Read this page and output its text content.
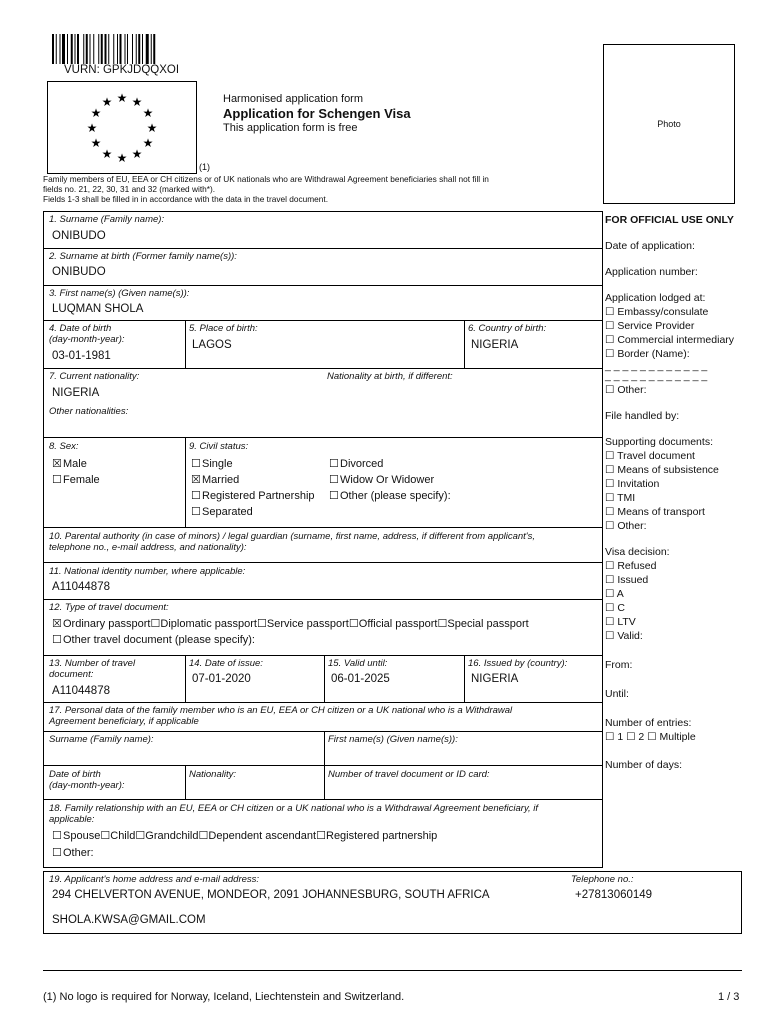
VURN: GPKJDQQXOI
★ ★
★
★
★
★
★
★
★
★
★
★
(1)
Harmonised application form
Application for Schengen Visa
This application form is free	Photo
Family members of EU, EEA or CH citizens or of UK nationals who are Withdrawal Agreement beneficiaries shall not fill in
fields no. 21, 22, 30, 31 and 32 (marked with*).
Fields 1-3 shall be filled in in accordance with the data in the travel document.
1. Surname (Family name):
ONIBUDO
2. Surname at birth (Former family name(s)):
ONIBUDO
3. First name(s) (Given name(s)):
LUQMAN SHOLA
4. Date of birth
(day-month-year):
03-01-1981
5. Place of birth:
LAGOS
6. Country of birth:
NIGERIA
7. Current nationality:
NIGERIA
Nationality at birth, if different:
Other nationalities:
8. Sex:
☒Male
☐Female
9. Civil status:
☐Single
☒Married
☐Registered Partnership
☐Separated
☐Divorced
☐Widow Or Widower
☐Other (please specify):
10. Parental authority (in case of minors) / legal guardian (surname, first name, address, if different from applicant's,
telephone no., e-mail address, and nationality):
11. National identity number, where applicable:
A11044878
12. Type of travel document:
☒Ordinary passport ☐Diplomatic passport ☐Service passport ☐Official passport ☐Special passport
☐Other travel document (please specify):
13. Number of travel
document:
A11044878
14. Date of issue:
07-01-2020
15. Valid until:
06-01-2025
16. Issued by (country):
NIGERIA
17. Personal data of the family member who is an EU, EEA or CH citizen or a UK national who is a Withdrawal
Agreement beneficiary, if applicable
Surname (Family name):	First name(s) (Given name(s)):
Date of birth
(day-month-year):
Nationality:	Number of travel document or ID card:
18. Family relationship with an EU, EEA or CH citizen or a UK national who is a Withdrawal Agreement beneficiary, if
applicable:
☐Spouse ☐Child ☐Grandchild ☐Dependent ascendant ☐Registered partnership
☐Other:
19. Applicant's home address and e-mail address:
294 CHELVERTON AVENUE, MONDEOR, 2091 JOHANNESBURG, SOUTH AFRICA
SHOLA.KWSA@GMAIL.COM
Telephone no.:
+27813060149
FOR OFFICIAL USE ONLY
Date of application:
Application number:
Application lodged at:
☐ Embassy/consulate
☐ Service Provider
☐ Commercial intermediary
☐ Border (Name):
_ _ _ _ _ _ _ _ _ _ _ _
_ _ _ _ _ _ _ _ _ _ _ _
☐ Other:
File handled by:
Supporting documents:
☐ Travel document
☐ Means of subsistence
☐ Invitation
☐ TMI
☐ Means of transport
☐ Other:
Visa decision:
☐ Refused
☐ Issued
☐ A
☐ C
☐ LTV
☐ Valid:
From:
Until:
Number of entries:
☐ 1 ☐ 2 ☐ Multiple
Number of days:
(1) No logo is required for Norway, Iceland, Liechtenstein and Switzerland.	1 / 3
